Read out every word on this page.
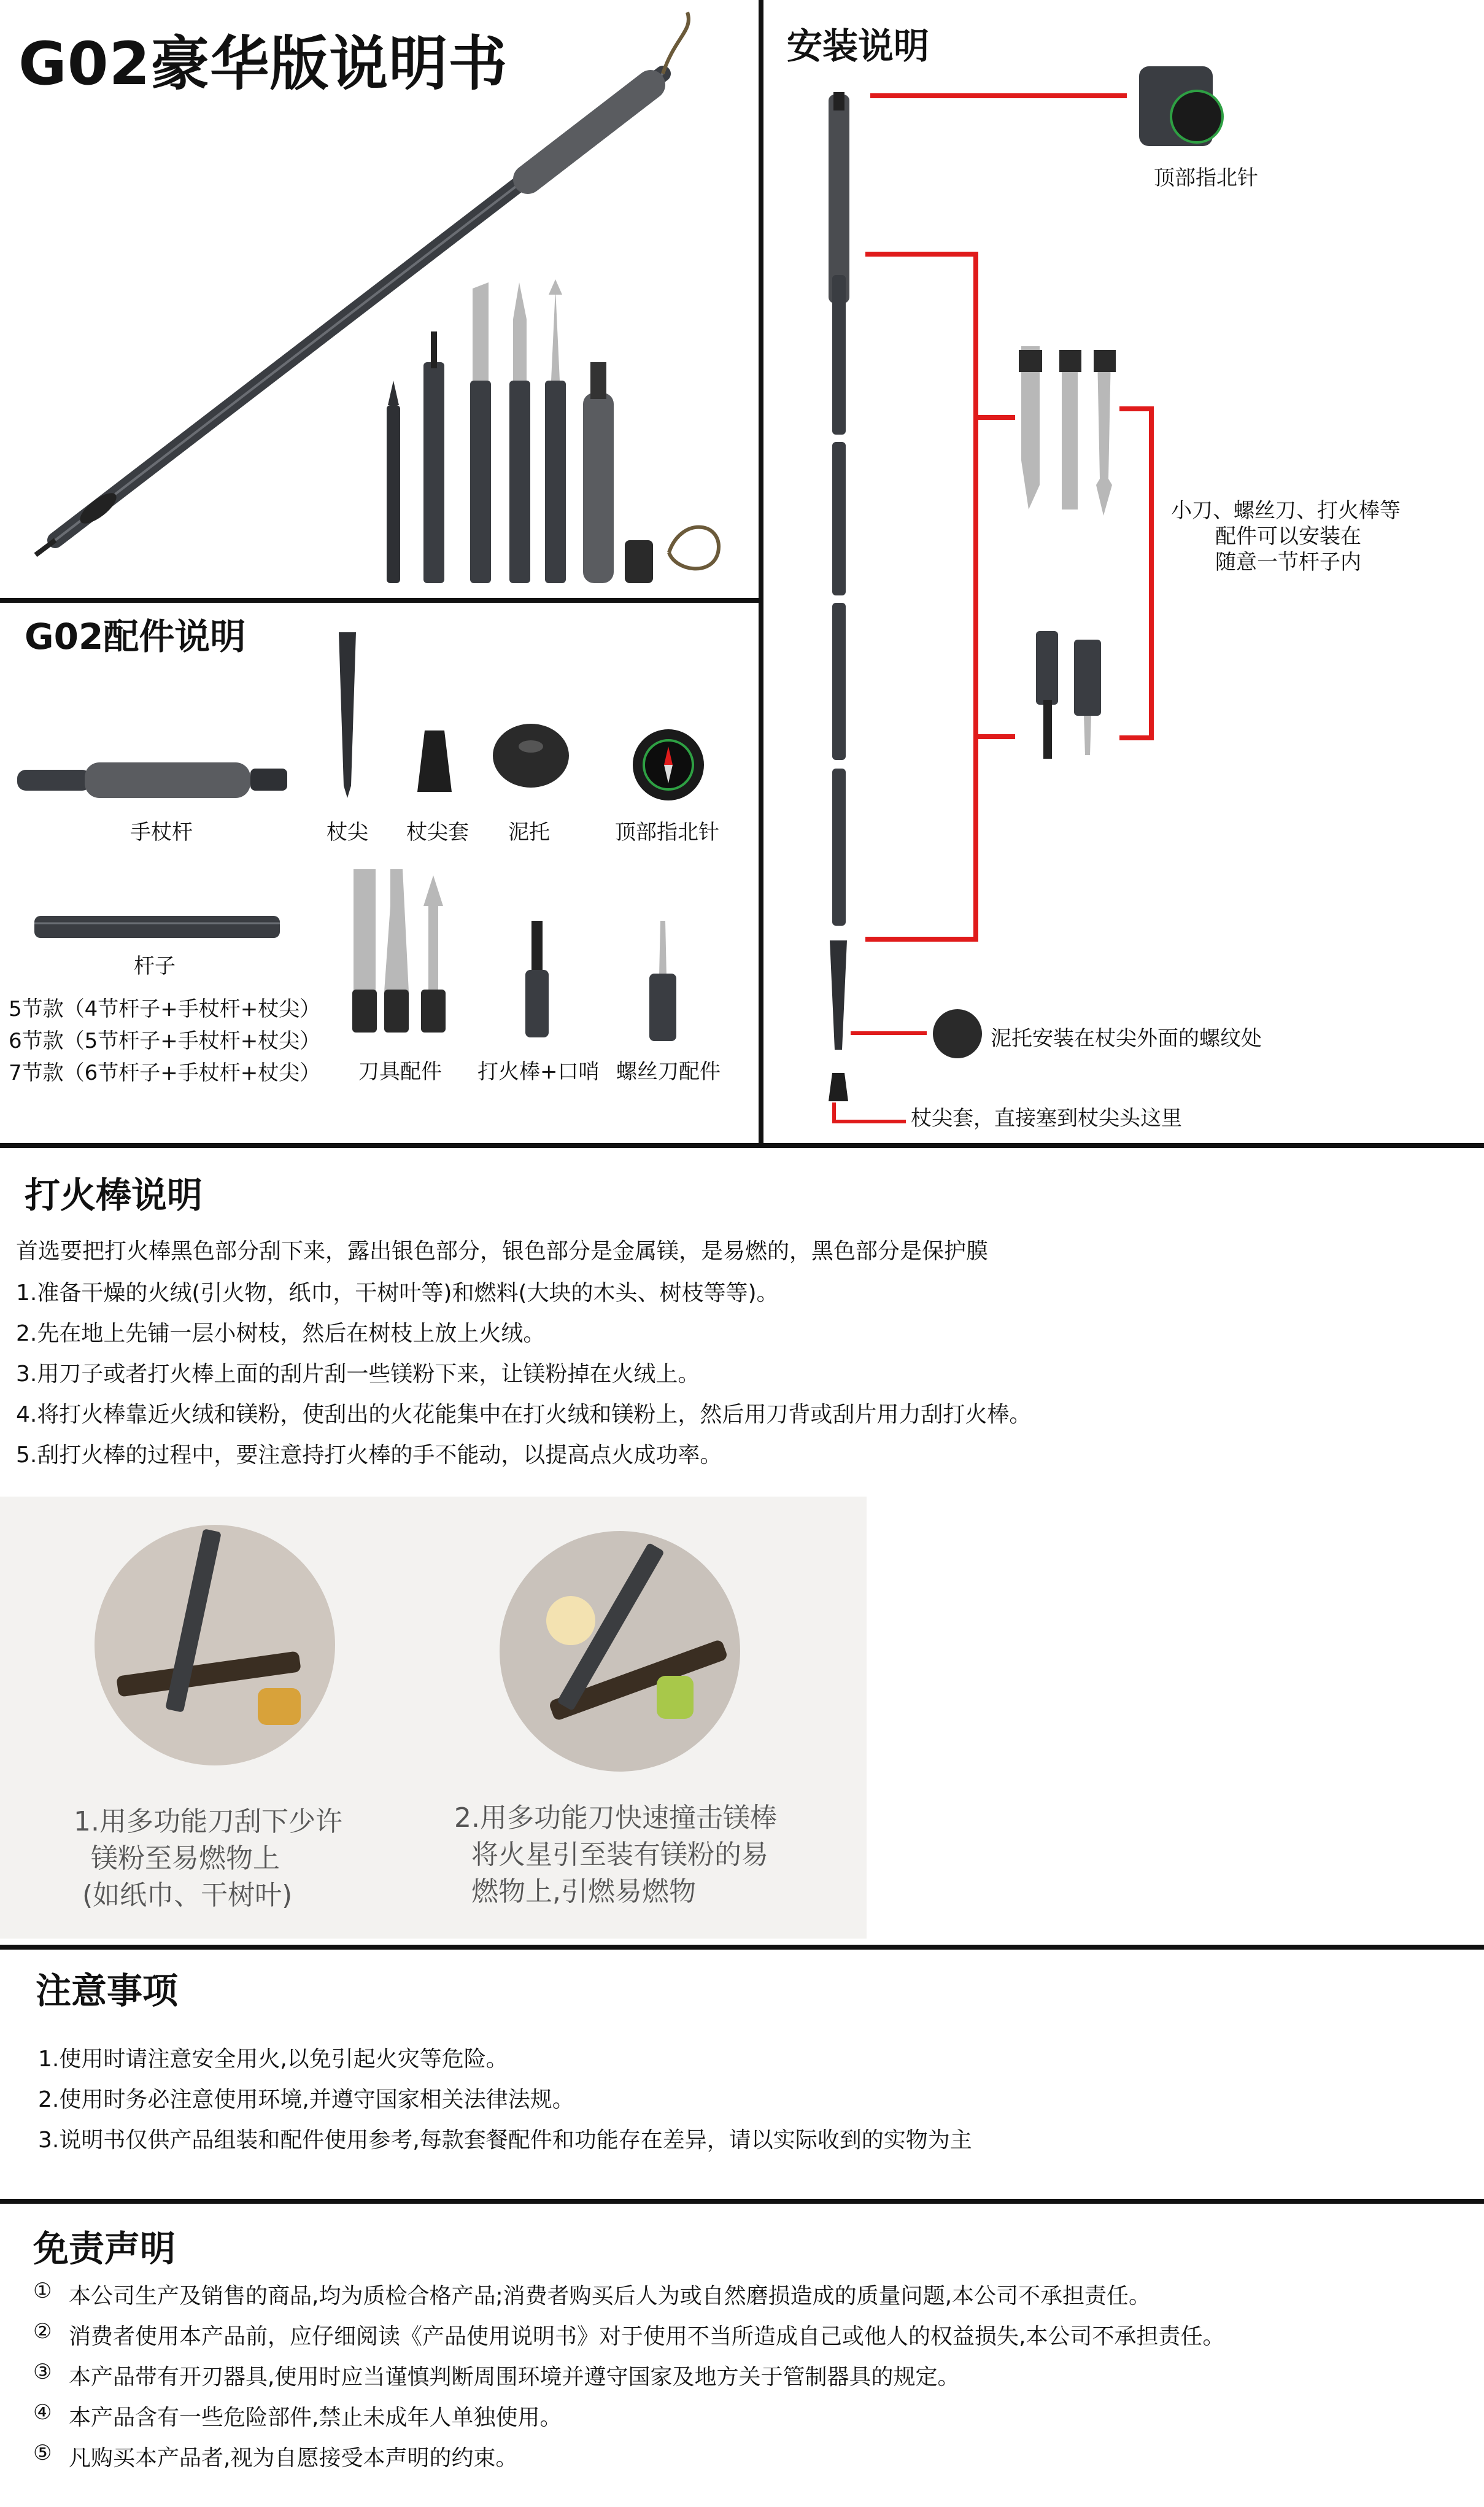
G02豪华版说明书
G02配件说明
手杖杆	杖尖 杖尖套 泥托	顶部指北针
杆子
5节款（4节杆子+手杖杆+杖尖）
6节款（5节杆子+手杖杆+杖尖）
7节款（6节杆子+手杖杆+杖尖） 刀具配件 打火棒+口哨 螺丝刀配件
安装说明
顶部指北针
小刀、螺丝刀、打火棒等
配件可以安装在
随意一节杆子内
泥托安装在杖尖外面的螺纹处
杖尖套，直接塞到杖尖头这里
打火棒说明
首选要把打火棒黑色部分刮下来，露出银色部分，银色部分是金属镁，是易燃的，黑色部分是保护膜
1.准备干燥的火绒(引火物，纸巾，干树叶等)和燃料(大块的木头、树枝等等)。
2.先在地上先铺一层小树枝，然后在树枝上放上火绒。
3.用刀子或者打火棒上面的刮片刮一些镁粉下来，让镁粉掉在火绒上。
4.将打火棒靠近火绒和镁粉，使刮出的火花能集中在打火绒和镁粉上，然后用刀背或刮片用力刮打火棒。
5.刮打火棒的过程中，要注意持打火棒的手不能动，以提高点火成功率。
1.用多功能刀刮下少许
镁粉至易燃物上
(如纸巾、干树叶)
2.用多功能刀快速撞击镁棒
将火星引至装有镁粉的易
燃物上,引燃易燃物
注意事项
1.使用时请注意安全用火,以免引起火灾等危险。
2.使用时务必注意使用环境,并遵守国家相关法律法规。
3.说明书仅供产品组装和配件使用参考,每款套餐配件和功能存在差异，请以实际收到的实物为主
免责声明
① 本公司生产及销售的商品,均为质检合格产品;消费者购买后人为或自然磨损造成的质量问题,本公司不承担责任。
② 消费者使用本产品前，应仔细阅读《产品使用说明书》对于使用不当所造成自己或他人的权益损失,本公司不承担责任。
③ 本产品带有开刃器具,使用时应当谨慎判断周围环境并遵守国家及地方关于管制器具的规定。
④ 本产品含有一些危险部件,禁止未成年人单独使用。
⑤ 凡购买本产品者,视为自愿接受本声明的约束。
